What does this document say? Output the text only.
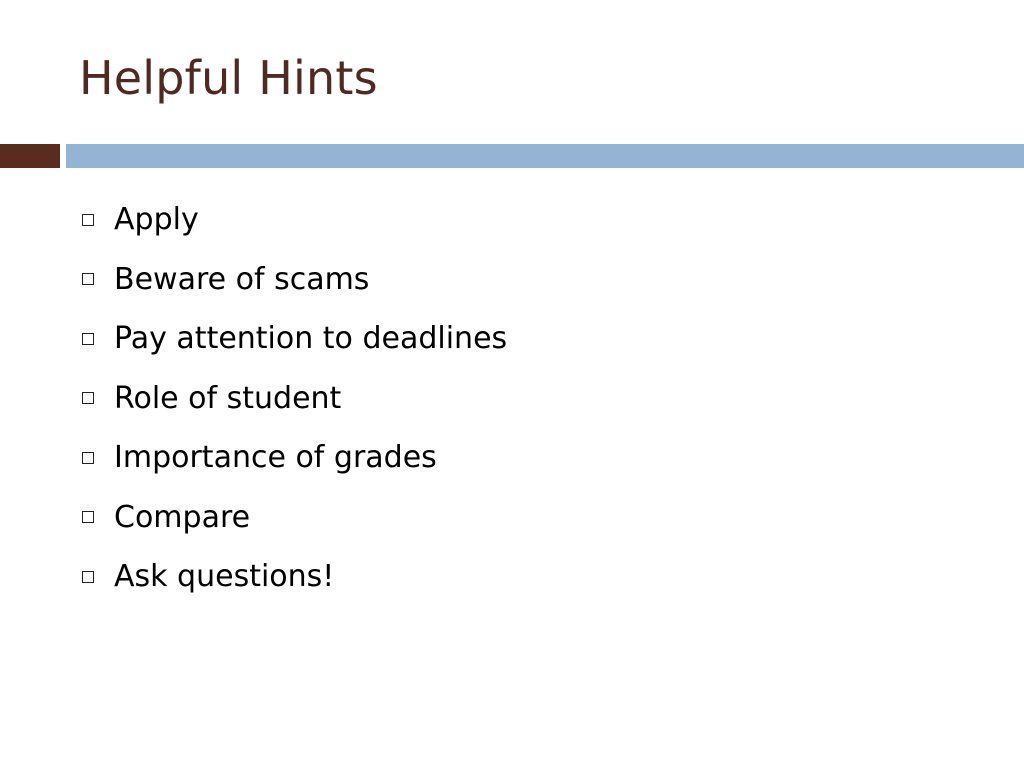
Helpful Hints
Apply
Beware of scams
Pay attention to deadlines
Role of student
Importance of grades
Compare
Ask questions!
